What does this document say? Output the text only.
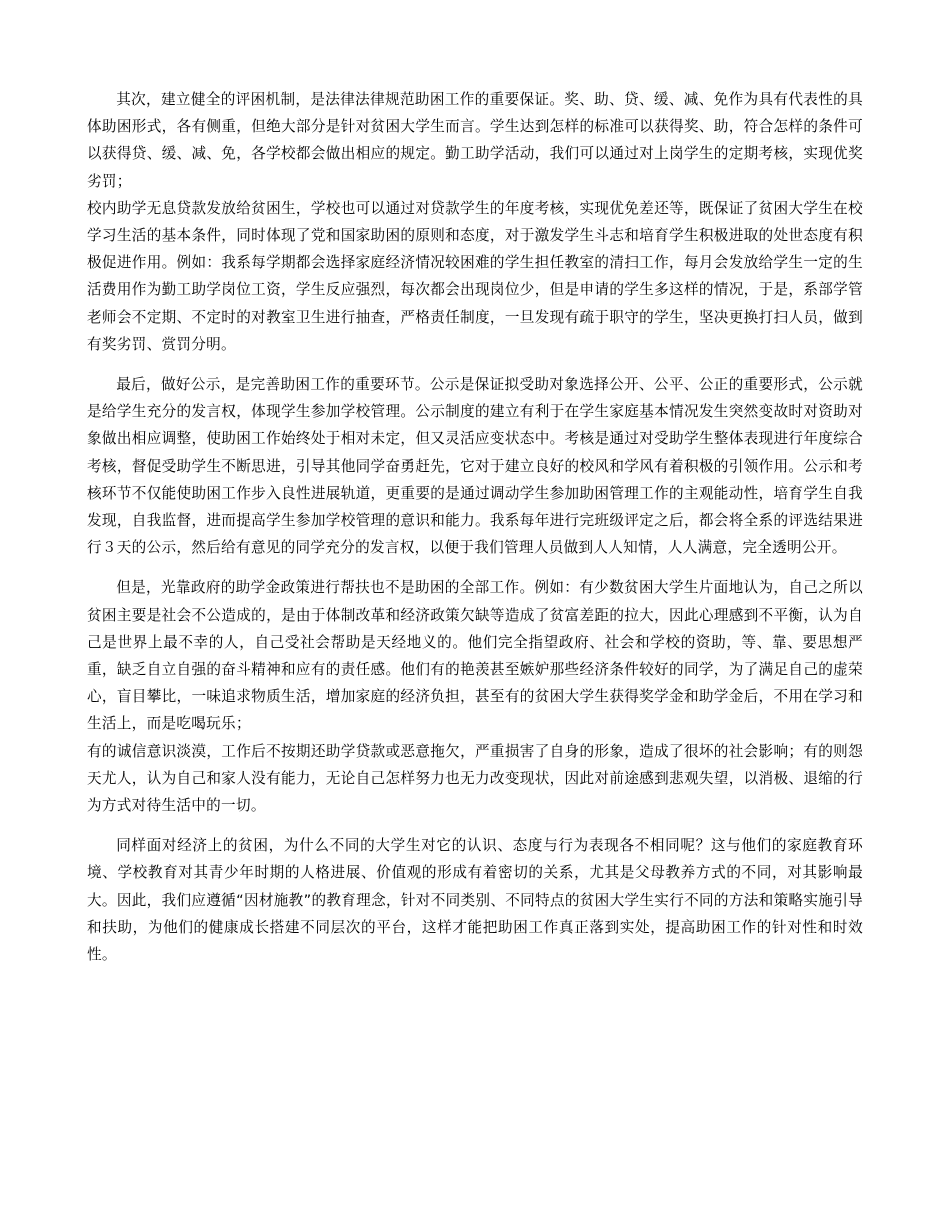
其次，建立健全的评困机制，是法律法律规范助困工作的重要保证。奖、助、贷、缓、减、免作为具有代表性的具体助困形式，各有侧重，但绝大部分是针对贫困大学生而言。学生达到怎样的标准可以获得奖、助，符合怎样的条件可以获得贷、缓、减、免，各学校都会做出相应的规定。勤工助学活动，我们可以通过对上岗学生的定期考核，实现优奖劣罚；

校内助学无息贷款发放给贫困生，学校也可以通过对贷款学生的年度考核，实现优免差还等，既保证了贫困大学生在校学习生活的基本条件，同时体现了党和国家助困的原则和态度，对于激发学生斗志和培育学生积极进取的处世态度有积极促进作用。例如：我系每学期都会选择家庭经济情况较困难的学生担任教室的清扫工作，每月会发放给学生一定的生活费用作为勤工助学岗位工资，学生反应强烈，每次都会出现岗位少，但是申请的学生多这样的情况，于是，系部学管老师会不定期、不定时的对教室卫生进行抽查，严格责任制度，一旦发现有疏于职守的学生，坚决更换打扫人员，做到有奖劣罚、赏罚分明。

最后，做好公示，是完善助困工作的重要环节。公示是保证拟受助对象选择公开、公平、公正的重要形式，公示就是给学生充分的发言权，体现学生参加学校管理。公示制度的建立有利于在学生家庭基本情况发生突然变故时对资助对象做出相应调整，使助困工作始终处于相对未定，但又灵活应变状态中。考核是通过对受助学生整体表现进行年度综合考核，督促受助学生不断思进，引导其他同学奋勇赶先，它对于建立良好的校风和学风有着积极的引领作用。公示和考核环节不仅能使助困工作步入良性进展轨道，更重要的是通过调动学生参加助困管理工作的主观能动性，培育学生自我发现，自我监督，进而提高学生参加学校管理的意识和能力。我系每年进行完班级评定之后，都会将全系的评选结果进行３天的公示，然后给有意见的同学充分的发言权，以便于我们管理人员做到人人知情，人人满意，完全透明公开。

但是，光靠政府的助学金政策进行帮扶也不是助困的全部工作。例如：有少数贫困大学生片面地认为，自己之所以贫困主要是社会不公造成的，是由于体制改革和经济政策欠缺等造成了贫富差距的拉大，因此心理感到不平衡，认为自己是世界上最不幸的人，自己受社会帮助是天经地义的。他们完全指望政府、社会和学校的资助，等、靠、要思想严重，缺乏自立自强的奋斗精神和应有的责任感。他们有的艳羡甚至嫉妒那些经济条件较好的同学，为了满足自己的虚荣心，盲目攀比，一味追求物质生活，增加家庭的经济负担，甚至有的贫困大学生获得奖学金和助学金后，不用在学习和生活上，而是吃喝玩乐；

有的诚信意识淡漠，工作后不按期还助学贷款或恶意拖欠，严重损害了自身的形象，造成了很坏的社会影响；有的则怨天尤人，认为自己和家人没有能力，无论自己怎样努力也无力改变现状，因此对前途感到悲观失望，以消极、退缩的行为方式对待生活中的一切。

同样面对经济上的贫困，为什么不同的大学生对它的认识、态度与行为表现各不相同呢？这与他们的家庭教育环境、学校教育对其青少年时期的人格进展、价值观的形成有着密切的关系，尤其是父母教养方式的不同，对其影响最大。因此，我们应遵循“因材施教”的教育理念，针对不同类别、不同特点的贫困大学生实行不同的方法和策略实施引导和扶助，为他们的健康成长搭建不同层次的平台，这样才能把助困工作真正落到实处，提高助困工作的针对性和时效性。
